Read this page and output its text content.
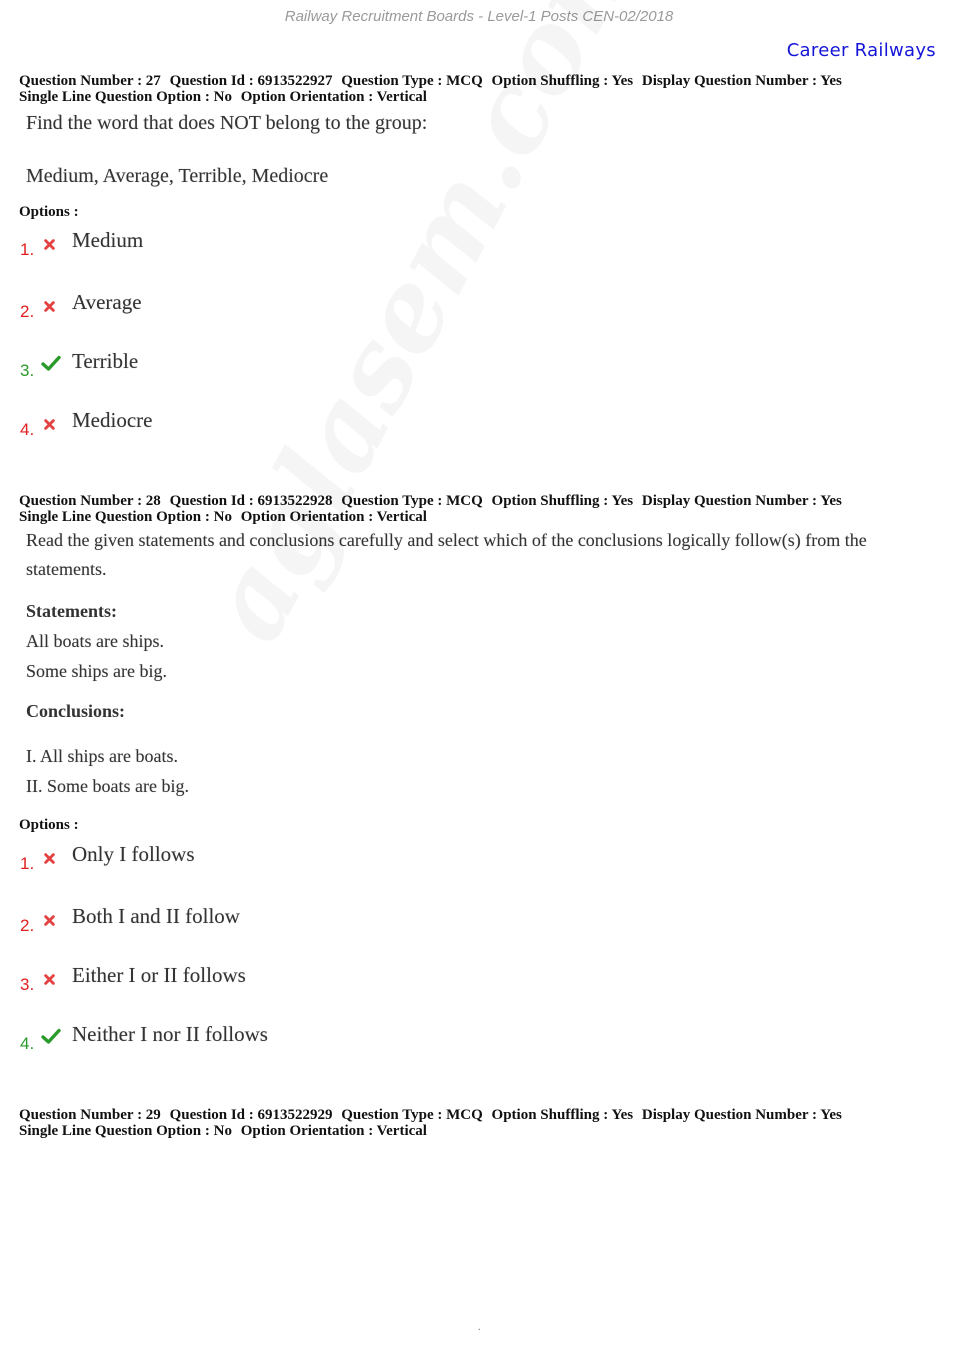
Railway Recruitment Boards - Level-1 Posts CEN-02/2018
Career Railways
Question Number : 27 Question Id : 6913522927 Question Type : MCQ Option Shuffling : Yes Display Question Number : Yes
Single Line Question Option : No Option Orientation : Vertical
Find the word that does NOT belong to the group:
Medium, Average, Terrible, Mediocre
Options :
1. Medium
2. Average
3. Terrible
4. Mediocre
Question Number : 28 Question Id : 6913522928 Question Type : MCQ Option Shuffling : Yes Display Question Number : Yes
Single Line Question Option : No Option Orientation : Vertical
Read the given statements and conclusions carefully and select which of the conclusions logically follow(s) from the
statements.
Statements:
All boats are ships.
Some ships are big.
Conclusions:
I. All ships are boats.
II. Some boats are big.
Options :
1. Only I follows
2. Both I and II follow
3. Either I or II follows
4. Neither I nor II follows
Question Number : 29 Question Id : 6913522929 Question Type : MCQ Option Shuffling : Yes Display Question Number : Yes
Single Line Question Option : No Option Orientation : Vertical
.
